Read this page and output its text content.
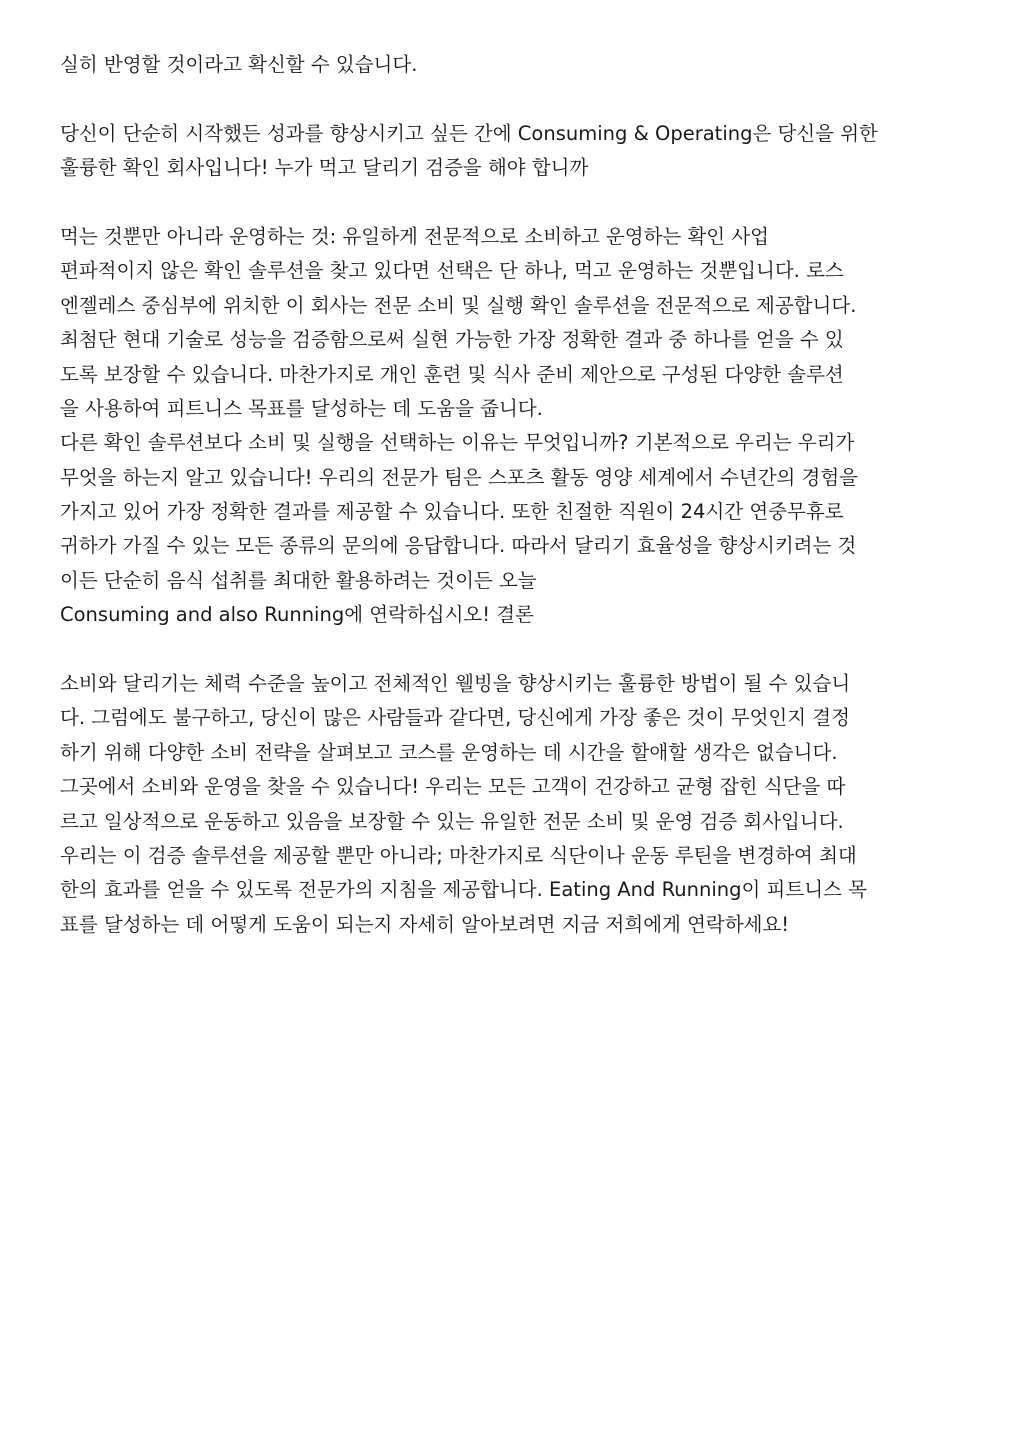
실히 반영할 것이라고 확신할 수 있습니다.
당신이 단순히 시작했든 성과를 향상시키고 싶든 간에 Consuming & Operating은 당신을 위한
훌륭한 확인 회사입니다! 누가 먹고 달리기 검증을 해야 합니까
먹는 것뿐만 아니라 운영하는 것: 유일하게 전문적으로 소비하고 운영하는 확인 사업
편파적이지 않은 확인 솔루션을 찾고 있다면 선택은 단 하나, 먹고 운영하는 것뿐입니다. 로스
엔젤레스 중심부에 위치한 이 회사는 전문 소비 및 실행 확인 솔루션을 전문적으로 제공합니다.
최첨단 현대 기술로 성능을 검증함으로써 실현 가능한 가장 정확한 결과 중 하나를 얻을 수 있
도록 보장할 수 있습니다. 마찬가지로 개인 훈련 및 식사 준비 제안으로 구성된 다양한 솔루션
을 사용하여 피트니스 목표를 달성하는 데 도움을 줍니다.
다른 확인 솔루션보다 소비 및 실행을 선택하는 이유는 무엇입니까? 기본적으로 우리는 우리가
무엇을 하는지 알고 있습니다! 우리의 전문가 팀은 스포츠 활동 영양 세계에서 수년간의 경험을
가지고 있어 가장 정확한 결과를 제공할 수 있습니다. 또한 친절한 직원이 24시간 연중무휴로
귀하가 가질 수 있는 모든 종류의 문의에 응답합니다. 따라서 달리기 효율성을 향상시키려는 것
이든 단순히 음식 섭취를 최대한 활용하려는 것이든 오늘
Consuming and also Running에 연락하십시오! 결론
소비와 달리기는 체력 수준을 높이고 전체적인 웰빙을 향상시키는 훌륭한 방법이 될 수 있습니
다. 그럼에도 불구하고, 당신이 많은 사람들과 같다면, 당신에게 가장 좋은 것이 무엇인지 결정
하기 위해 다양한 소비 전략을 살펴보고 코스를 운영하는 데 시간을 할애할 생각은 없습니다.
그곳에서 소비와 운영을 찾을 수 있습니다! 우리는 모든 고객이 건강하고 균형 잡힌 식단을 따
르고 일상적으로 운동하고 있음을 보장할 수 있는 유일한 전문 소비 및 운영 검증 회사입니다.
우리는 이 검증 솔루션을 제공할 뿐만 아니라; 마찬가지로 식단이나 운동 루틴을 변경하여 최대
한의 효과를 얻을 수 있도록 전문가의 지침을 제공합니다. Eating And Running이 피트니스 목
표를 달성하는 데 어떻게 도움이 되는지 자세히 알아보려면 지금 저희에게 연락하세요!
